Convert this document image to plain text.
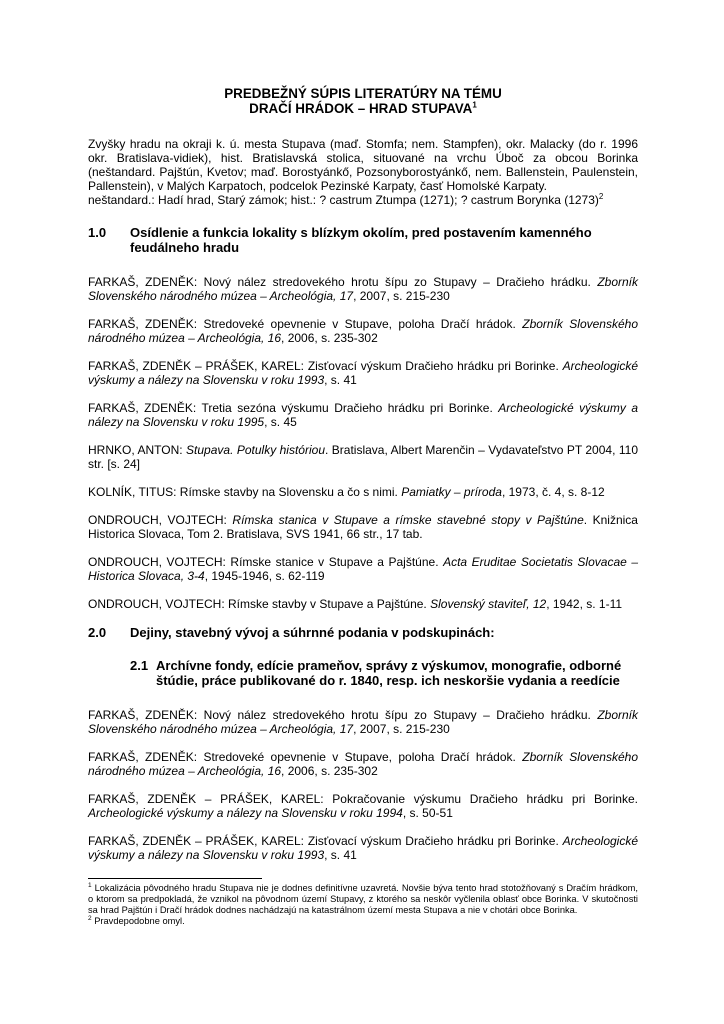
PREDBEŽNÝ SÚPIS LITERATÚRY NA TÉMU
DRAČÍ HRÁDOK – HRAD STUPAVA$^1$

Zvyšky hradu na okraji k. ú. mesta Stupava (maď. Stomfa; nem. Stampfen), okr. Malacky (do r. 1996 okr. Bratislava-vidiek), hist. Bratislavská stolica, situované na vrchu Úboč za obcou Borinka (neštandard. Pajštún, Kvetov; maď. Borostyánkő, Pozsonyborostyánkő, nem. Ballenstein, Paulenstein, Pallenstein), v Malých Karpatoch, podcelok Pezinské Karpaty, časť Homolské Karpaty.

neštandard.: Hadí hrad, Starý zámok; hist.: ? castrum Ztumpa (1271); ? castrum Borynka $(1273)^2$

1.0	Osídlenie a funkcia lokality s blízkym okolím, pred postavením kamenného feudálneho hradu

FARKAŠ, ZDENĚK: Nový nález stredovekého hrotu šípu zo Stupavy – Dračieho hrádku. Zborník Slovenského národného múzea – Archeológia, 17, 2007, s. 215-230

FARKAŠ, ZDENĚK: Stredoveké opevnenie v Stupave, poloha Dračí hrádok. Zborník Slovenského národného múzea – Archeológia, 16, 2006, s. 235-302

FARKAŠ, ZDENĚK – PRÁŠEK, KAREL: Zisťovací výskum Dračieho hrádku pri Borinke. Archeologické výskumy a nálezy na Slovensku v roku 1993, s. 41

FARKAŠ, ZDENĚK: Tretia sezóna výskumu Dračieho hrádku pri Borinke. Archeologické výskumy a nálezy na Slovensku v roku 1995, s. 45

HRNKO, ANTON: Stupava. Potulky históriou. Bratislava, Albert Marenčin – Vydavateľstvo PT 2004, 110 str. [s. 24]

KOLNÍK, TITUS: Rímske stavby na Slovensku a čo s nimi. Pamiatky – príroda, 1973, č. 4, s. 8-12

ONDROUCH, VOJTECH: Rímska stanica v Stupave a rímske stavebné stopy v Pajštúne. Knižnica Historica Slovaca, Tom 2. Bratislava, SVS 1941, 66 str., 17 tab.

ONDROUCH, VOJTECH: Rímske stanice v Stupave a Pajštúne. Acta Eruditae Societatis Slovacae – Historica Slovaca, 3-4, 1945-1946, s. 62-119

ONDROUCH, VOJTECH: Rímske stavby v Stupave a Pajštúne. Slovenský staviteľ, 12, 1942, s. 1-11

2.0	Dejiny, stavebný vývoj a súhrnné podania v podskupinách:
2.1 Archívne fondy, edície prameňov, správy z výskumov, monografie, odborné štúdie, práce publikované do r. 1840, resp. ich neskoršie vydania a reedície

FARKAŠ, ZDENĚK: Nový nález stredovekého hrotu šípu zo Stupavy – Dračieho hrádku. Zborník Slovenského národného múzea – Archeológia, 17, 2007, s. 215-230

FARKAŠ, ZDENĚK: Stredoveké opevnenie v Stupave, poloha Dračí hrádok. Zborník Slovenského národného múzea – Archeológia, 16, 2006, s. 235-302

FARKAŠ, ZDENĚK – PRÁŠEK, KAREL: Pokračovanie výskumu Dračieho hrádku pri Borinke. Archeologické výskumy a nálezy na Slovensku v roku 1994, s. 50-51

FARKAŠ, ZDENĚK – PRÁŠEK, KAREL: Zisťovací výskum Dračieho hrádku pri Borinke. Archeologické výskumy a nálezy na Slovensku v roku 1993, s. 41

$^1$ Lokalizácia pôvodného hradu Stupava nie je dodnes definitívne uzavretá. Novšie býva tento hrad stotožňovaný s Dračím hrádkom, o ktorom sa predpokladá, že vznikol na pôvodnom území Stupavy, z ktorého sa neskôr vyčlenila oblasť obce Borinka. V skutočnosti sa hrad Pajštún i Dračí hrádok dodnes nachádzajú na katastrálnom území mesta Stupava a nie v chotári obce Borinka.

$^2$ Pravdepodobne omyl.
